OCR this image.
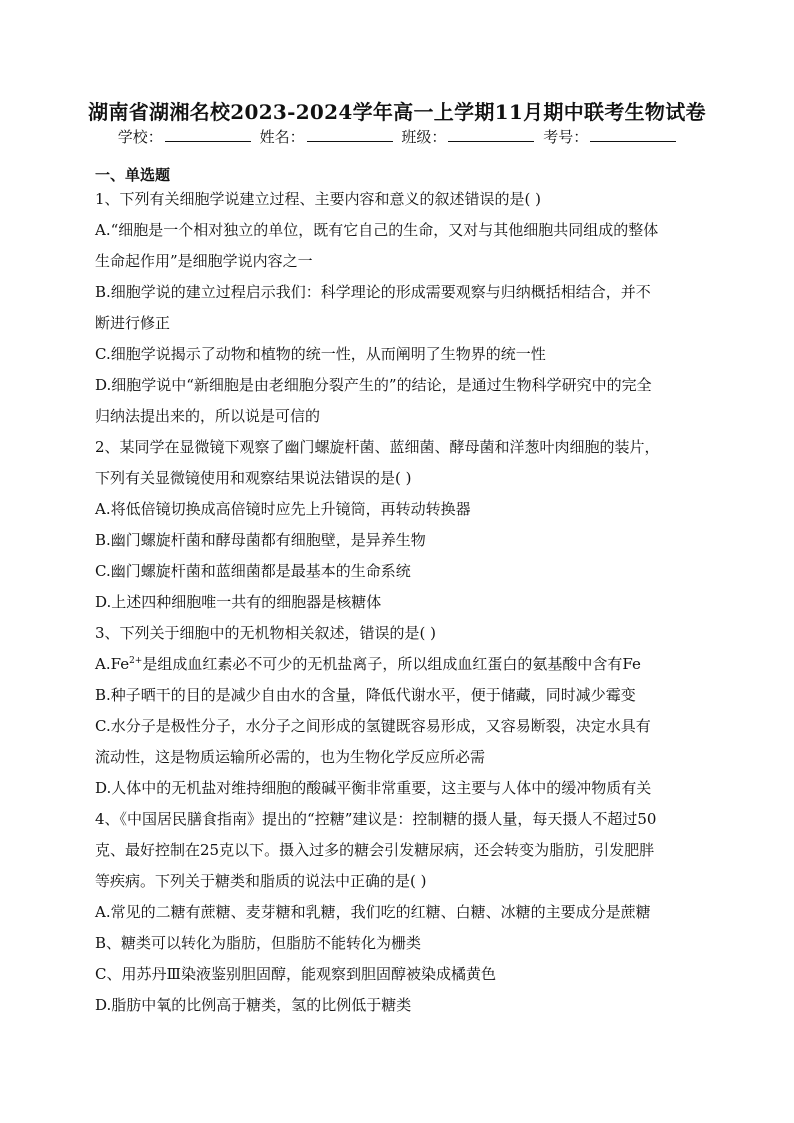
湖南省湖湘名校2023-2024学年高一上学期11月期中联考生物试卷
学校：	姓名：	班级：	考号：
一、单选题
1、下列有关细胞学说建立过程、主要内容和意义的叙述错误的是( )
A.“细胞是一个相对独立的单位，既有它自己的生命，又对与其他细胞共同组成的整体
生命起作用”是细胞学说内容之一
B.细胞学说的建立过程启示我们：科学理论的形成需要观察与归纳概括相结合，并不
断进行修正
C.细胞学说揭示了动物和植物的统一性，从而阐明了生物界的统一性
D.细胞学说中“新细胞是由老细胞分裂产生的”的结论，是通过生物科学研究中的完全
归纳法提出来的，所以说是可信的
2、某同学在显微镜下观察了幽门螺旋杆菌、蓝细菌、酵母菌和洋葱叶肉细胞的装片，
下列有关显微镜使用和观察结果说法错误的是( )
A.将低倍镜切换成高倍镜时应先上升镜筒，再转动转换器
B.幽门螺旋杆菌和酵母菌都有细胞壁，是异养生物
C.幽门螺旋杆菌和蓝细菌都是最基本的生命系统
D.上述四种细胞唯一共有的细胞器是核糖体
3、下列关于细胞中的无机物相关叙述，错误的是( )
$A.Fe^{2+}$是组成血红素必不可少的无机盐离子，所以组成血红蛋白的氨基酸中含有Fe
B.种子晒干的目的是减少自由水的含量，降低代谢水平，便于储藏，同时减少霉变
C.水分子是极性分子，水分子之间形成的氢键既容易形成，又容易断裂，决定水具有
流动性，这是物质运输所必需的，也为生物化学反应所必需
D.人体中的无机盐对维持细胞的酸碱平衡非常重要，这主要与人体中的缓冲物质有关
4、《中国居民膳食指南》提出的“控糖”建议是：控制糖的摄人量，每天摄人不超过50
克、最好控制在25克以下。摄入过多的糖会引发糖尿病，还会转变为脂肪，引发肥胖
等疾病。下列关于糖类和脂质的说法中正确的是( )
A.常见的二糖有蔗糖、麦芽糖和乳糖，我们吃的红糖、白糖、冰糖的主要成分是蔗糖
B、糖类可以转化为脂肪，但脂肪不能转化为栅类
C、用苏丹Ⅲ染液鉴别胆固醇，能观察到胆固醇被染成橘黄色
D.脂肪中氧的比例高于糖类，氢的比例低于糖类
